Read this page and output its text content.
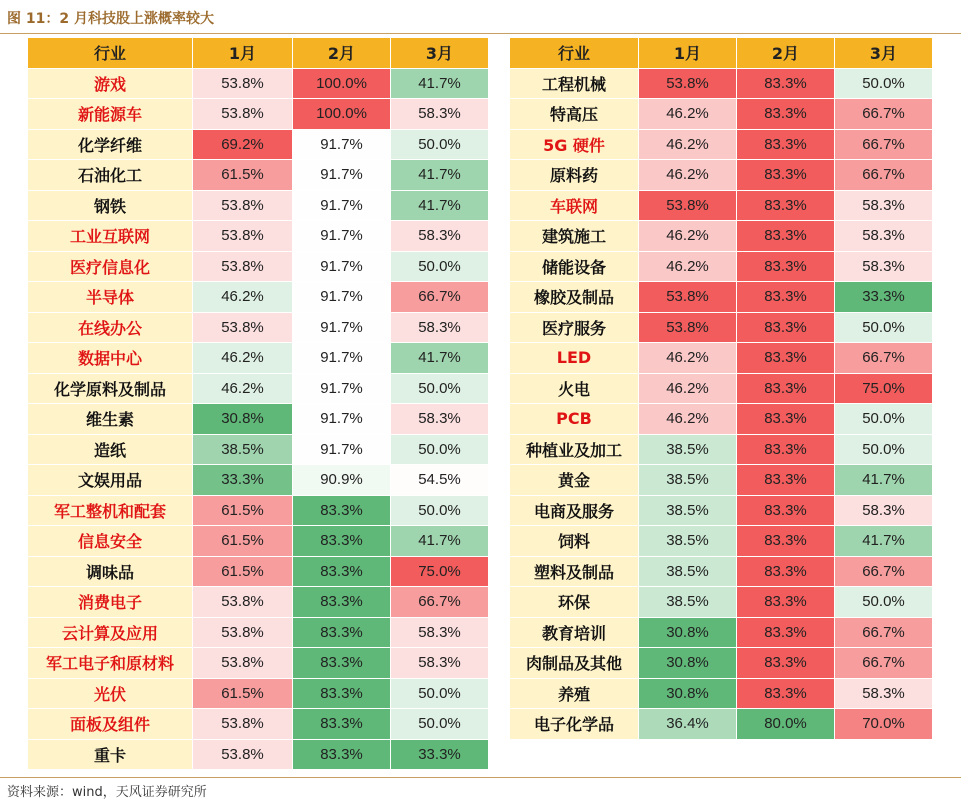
图 11：2 月科技股上涨概率较大
行业	1月	2月	3月
游戏	53.8%	100.0%	41.7%
新能源车	53.8%	100.0%	58.3%
化学纤维	69.2%	91.7%	50.0%
石油化工	61.5%	91.7%	41.7%
钢铁	53.8%	91.7%	41.7%
工业互联网	53.8%	91.7%	58.3%
医疗信息化	53.8%	91.7%	50.0%
半导体	46.2%	91.7%	66.7%
在线办公	53.8%	91.7%	58.3%
数据中心	46.2%	91.7%	41.7%
化学原料及制品	46.2%	91.7%	50.0%
维生素	30.8%	91.7%	58.3%
造纸	38.5%	91.7%	50.0%
文娱用品	33.3%	90.9%	54.5%
军工整机和配套	61.5%	83.3%	50.0%
信息安全	61.5%	83.3%	41.7%
调味品	61.5%	83.3%	75.0%
消费电子	53.8%	83.3%	66.7%
云计算及应用	53.8%	83.3%	58.3%
军工电子和原材料	53.8%	83.3%	58.3%
光伏	61.5%	83.3%	50.0%
面板及组件	53.8%	83.3%	50.0%
重卡	53.8%	83.3%	33.3%
行业	1月	2月	3月
工程机械	53.8%	83.3%	50.0%
特高压	46.2%	83.3%	66.7%
5G 硬件	46.2%	83.3%	66.7%
原料药	46.2%	83.3%	66.7%
车联网	53.8%	83.3%	58.3%
建筑施工	46.2%	83.3%	58.3%
储能设备	46.2%	83.3%	58.3%
橡胶及制品	53.8%	83.3%	33.3%
医疗服务	53.8%	83.3%	50.0%
LED	46.2%	83.3%	66.7%
火电	46.2%	83.3%	75.0%
PCB	46.2%	83.3%	50.0%
种植业及加工	38.5%	83.3%	50.0%
黄金	38.5%	83.3%	41.7%
电商及服务	38.5%	83.3%	58.3%
饲料	38.5%	83.3%	41.7%
塑料及制品	38.5%	83.3%	66.7%
环保	38.5%	83.3%	50.0%
教育培训	30.8%	83.3%	66.7%
肉制品及其他	30.8%	83.3%	66.7%
养殖	30.8%	83.3%	58.3%
电子化学品	36.4%	80.0%	70.0%
资料来源：wind，天风证券研究所
